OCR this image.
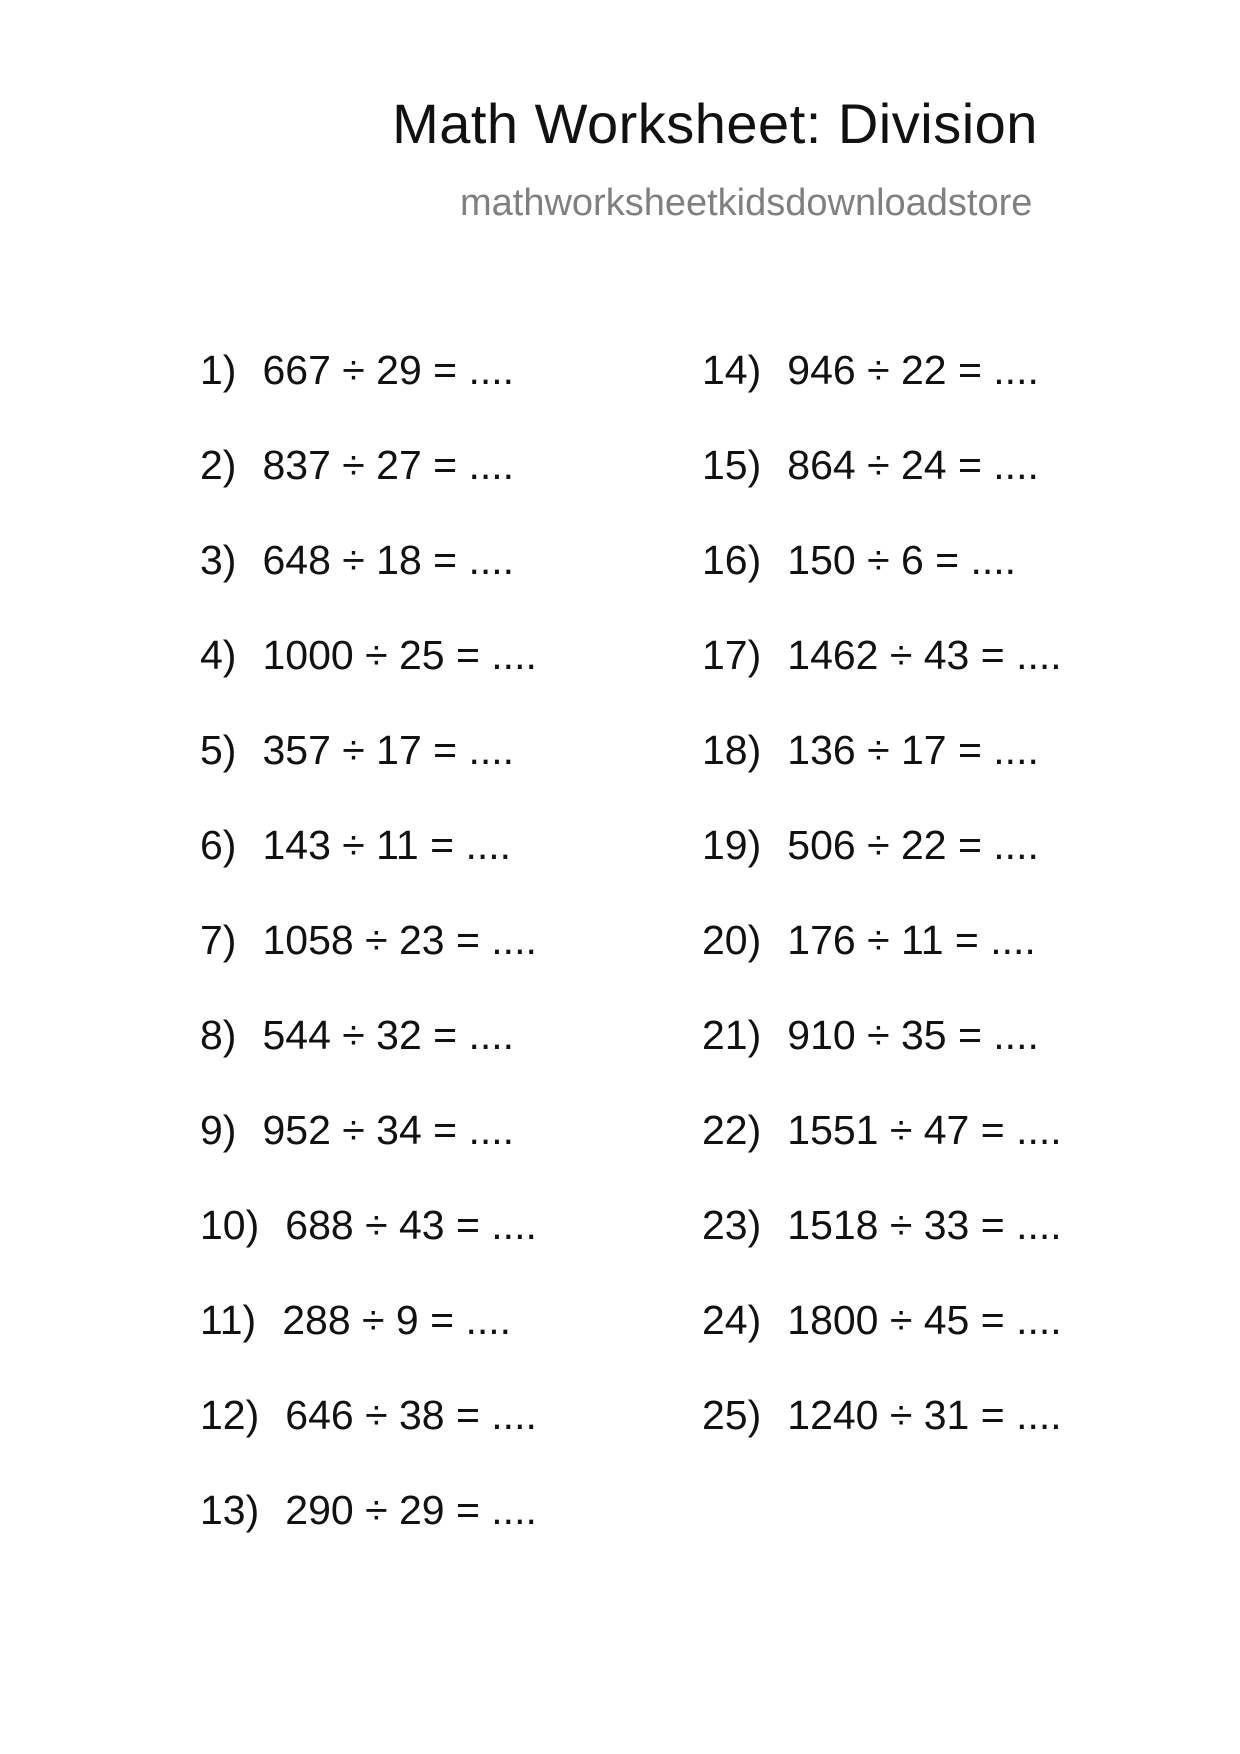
Math Worksheet: Division
mathworksheetkidsdownloadstore
1) 667 ÷ 29 = ....
2) 837 ÷ 27 = ....
3) 648 ÷ 18 = ....
4) 1000 ÷ 25 = ....
5) 357 ÷ 17 = ....
6) 143 ÷ 11 = ....
7) 1058 ÷ 23 = ....
8) 544 ÷ 32 = ....
9) 952 ÷ 34 = ....
10) 688 ÷ 43 = ....
11) 288 ÷ 9 = ....
12) 646 ÷ 38 = ....
13) 290 ÷ 29 = ....
14) 946 ÷ 22 = ....
15) 864 ÷ 24 = ....
16) 150 ÷ 6 = ....
17) 1462 ÷ 43 = ....
18) 136 ÷ 17 = ....
19) 506 ÷ 22 = ....
20) 176 ÷ 11 = ....
21) 910 ÷ 35 = ....
22) 1551 ÷ 47 = ....
23) 1518 ÷ 33 = ....
24) 1800 ÷ 45 = ....
25) 1240 ÷ 31 = ....
